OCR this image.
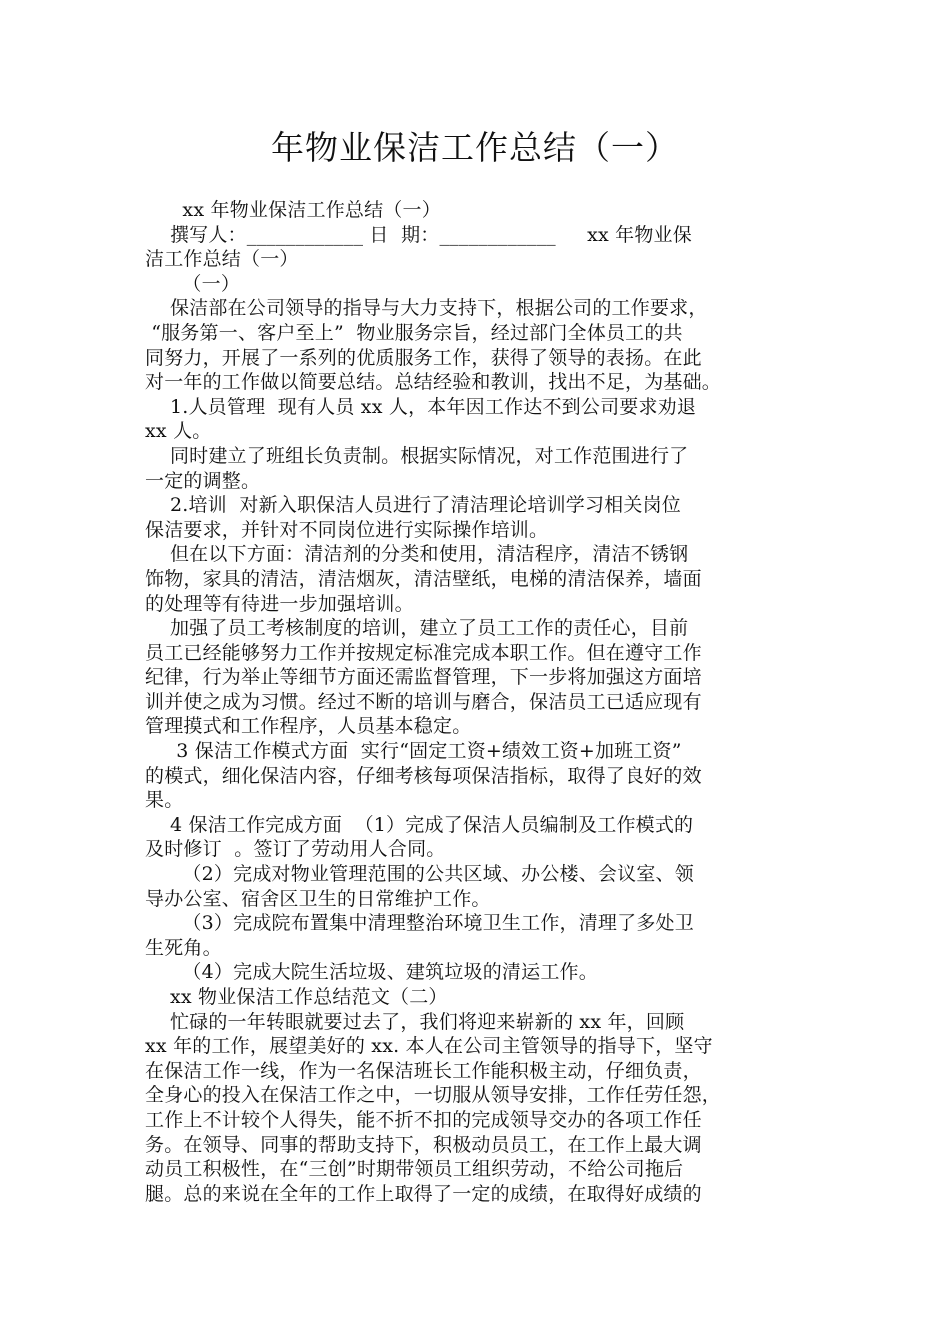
年物业保洁工作总结（一）
xx 年物业保洁工作总结（一）
撰写人：____________ 日  期：____________     xx 年物业保
洁工作总结（一）
（一）
保洁部在公司领导的指导与大力支持下，根据公司的工作要求，
“服务第一、客户至上”  物业服务宗旨，经过部门全体员工的共
同努力，开展了一系列的优质服务工作，获得了领导的表扬。在此
对一年的工作做以简要总结。总结经验和教训，找出不足，为基础。
1.人员管理  现有人员 xx 人，本年因工作达不到公司要求劝退
xx 人。
同时建立了班组长负责制。根据实际情况，对工作范围进行了
一定的调整。
2.培训  对新入职保洁人员进行了清洁理论培训学习相关岗位
保洁要求，并针对不同岗位进行实际操作培训。
但在以下方面：清洁剂的分类和使用，清洁程序，清洁不锈钢
饰物，家具的清洁，清洁烟灰，清洁壁纸，电梯的清洁保养，墙面
的处理等有待进一步加强培训。
加强了员工考核制度的培训，建立了员工工作的责任心，目前
员工已经能够努力工作并按规定标准完成本职工作。但在遵守工作
纪律，行为举止等细节方面还需监督管理，下一步将加强这方面培
训并使之成为习惯。经过不断的培训与磨合，保洁员工已适应现有
管理摸式和工作程序，人员基本稳定。
3 保洁工作模式方面  实行“固定工资+绩效工资+加班工资”
的模式，细化保洁内容，仔细考核每项保洁指标，取得了良好的效
果。
4 保洁工作完成方面  （1）完成了保洁人员编制及工作模式的
及时修订  。签订了劳动用人合同。
（2）完成对物业管理范围的公共区域、办公楼、会议室、领
导办公室、宿舍区卫生的日常维护工作。
（3）完成院布置集中清理整治环境卫生工作，清理了多处卫
生死角。
（4）完成大院生活垃圾、建筑垃圾的清运工作。
xx 物业保洁工作总结范文（二）
忙碌的一年转眼就要过去了，我们将迎来崭新的 xx 年，回顾
xx 年的工作，展望美好的 xx. 本人在公司主管领导的指导下，坚守
在保洁工作一线，作为一名保洁班长工作能积极主动，仔细负责，
全身心的投入在保洁工作之中，一切服从领导安排，工作任劳任怨，
工作上不计较个人得失，能不折不扣的完成领导交办的各项工作任
务。在领导、同事的帮助支持下，积极动员员工，在工作上最大调
动员工积极性，在“三创”时期带领员工组织劳动，不给公司拖后
腿。总的来说在全年的工作上取得了一定的成绩，在取得好成绩的
